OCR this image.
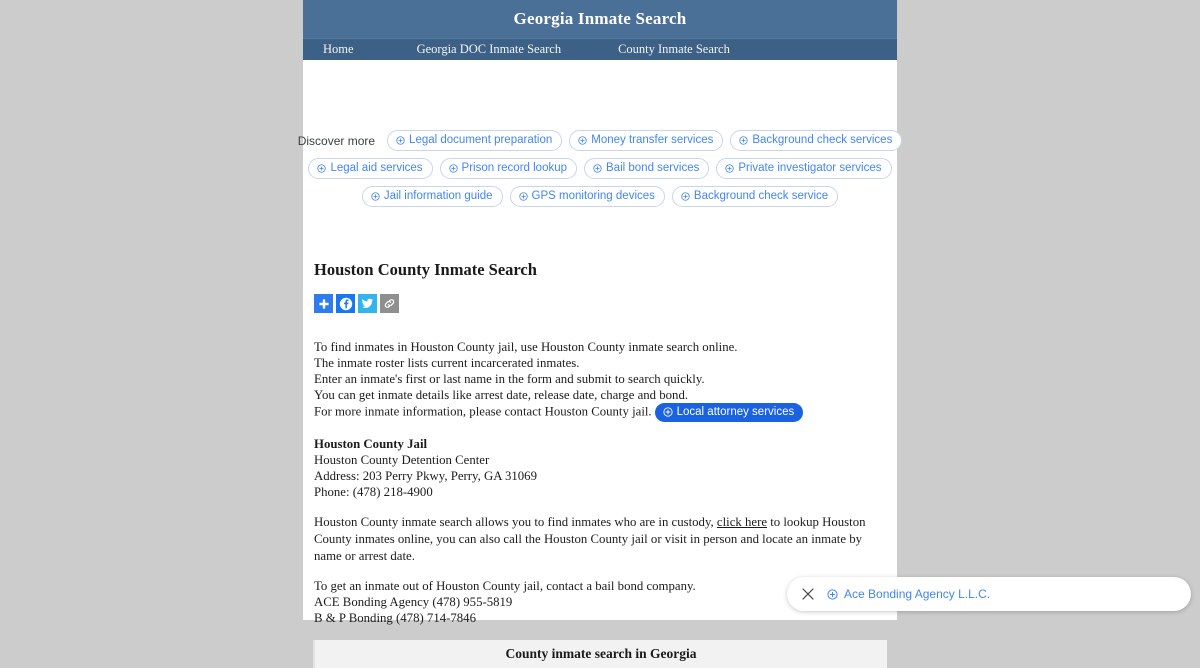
Georgia Inmate Search
Home	Georgia DOC Inmate Search	County Inmate Search
Discover more	Legal document preparation	Money transfer services	Background check services
Legal aid services	Prison record lookup	Bail bond services	Private investigator services
Jail information guide	GPS monitoring devices	Background check service
Houston County Inmate Search
To find inmates in Houston County jail, use Houston County inmate search online.
The inmate roster lists current incarcerated inmates.
Enter an inmate's first or last name in the form and submit to search quickly.
You can get inmate details like arrest date, release date, charge and bond.
For more inmate information, please contact Houston County jail. Local attorney services
Houston County Jail
Houston County Detention Center
Address: 203 Perry Pkwy, Perry, GA 31069
Phone: (478) 218-4900

Houston County inmate search allows you to find inmates who are in custody, click here to lookup Houston County inmates online, you can also call the Houston County jail or visit in person and locate an inmate by name or arrest date.

To get an inmate out of Houston County jail, contact a bail bond company.
ACE Bonding Agency (478) 955-5819
B & P Bonding (478) 714-7846
County inmate search in Georgia
Ace Bonding Agency L.L.C.
